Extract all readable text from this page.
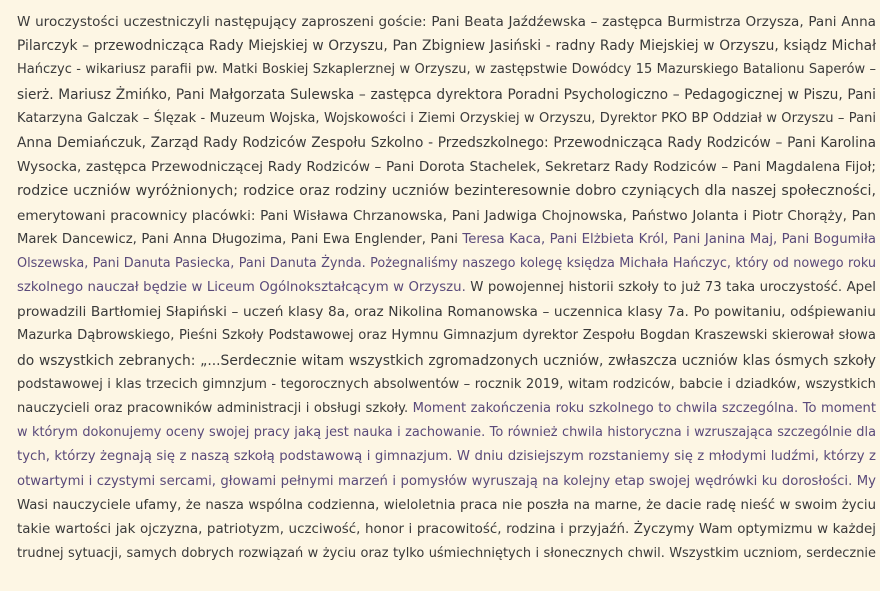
W uroczystości uczestniczyli następujący zaproszeni goście: Pani Beata Jaźdźewska – zastępca Burmistrza Orzysza, Pani Anna
Pilarczyk – przewodnicząca Rady Miejskiej w Orzyszu, Pan Zbigniew Jasiński - radny Rady Miejskiej w Orzyszu, ksiądz Michał
Hańczyc - wikariusz parafii pw. Matki Boskiej Szkaplerznej w Orzyszu, w zastępstwie Dowódcy 15 Mazurskiego Batalionu Saperów –
sierż. Mariusz Żmińko, Pani Małgorzata Sulewska – zastępca dyrektora Poradni Psychologiczno – Pedagogicznej w Piszu, Pani
Katarzyna Galczak – Ślęzak - Muzeum Wojska, Wojskowości i Ziemi Orzyskiej w Orzyszu, Dyrektor PKO BP Oddział w Orzyszu – Pani
Anna Demiańczuk, Zarząd Rady Rodziców Zespołu Szkolno - Przedszkolnego: Przewodnicząca Rady Rodziców – Pani Karolina
Wysocka, zastępca Przewodniczącej Rady Rodziców – Pani Dorota Stachelek, Sekretarz Rady Rodziców – Pani Magdalena Fijoł;
rodzice uczniów wyróżnionych; rodzice oraz rodziny uczniów bezinteresownie dobro czyniących dla naszej społeczności,
emerytowani pracownicy placówki: Pani Wisława Chrzanowska, Pani Jadwiga Chojnowska, Państwo Jolanta i Piotr Chorąży, Pan
Marek Dancewicz, Pani Anna Długozima, Pani Ewa Englender, Pani Teresa Kaca, Pani Elżbieta Król, Pani Janina Maj, Pani Bogumiła
Olszewska, Pani Danuta Pasiecka, Pani Danuta Żynda. Pożegnaliśmy naszego kolegę księdza Michała Hańczyc, który od nowego roku
szkolnego nauczał będzie w Liceum Ogólnokształcącym w Orzyszu. W powojennej historii szkoły to już 73 taka uroczystość. Apel
prowadzili Bartłomiej Słapiński – uczeń klasy 8a, oraz Nikolina Romanowska – uczennica klasy 7a. Po powitaniu, odśpiewaniu
Mazurka Dąbrowskiego, Pieśni Szkoły Podstawowej oraz Hymnu Gimnazjum dyrektor Zespołu Bogdan Kraszewski skierował słowa
do wszystkich zebranych: „...Serdecznie witam wszystkich zgromadzonych uczniów, zwłaszcza uczniów klas ósmych szkoły
podstawowej i klas trzecich gimnzjum - tegorocznych absolwentów – rocznik 2019, witam rodziców, babcie i dziadków, wszystkich
nauczycieli oraz pracowników administracji i obsługi szkoły. Moment zakończenia roku szkolnego to chwila szczególna. To moment
w którym dokonujemy oceny swojej pracy jaką jest nauka i zachowanie. To również chwila historyczna i wzruszająca szczególnie dla
tych, którzy żegnają się z naszą szkołą podstawową i gimnazjum. W dniu dzisiejszym rozstaniemy się z młodymi ludźmi, którzy z
otwartymi i czystymi sercami, głowami pełnymi marzeń i pomysłów wyruszają na kolejny etap swojej wędrówki ku dorosłości. My
Wasi nauczyciele ufamy, że nasza wspólna codzienna, wieloletnia praca nie poszła na marne, że dacie radę nieść w swoim życiu
takie wartości jak ojczyzna, patriotyzm, uczciwość, honor i pracowitość, rodzina i przyjaźń. Życzymy Wam optymizmu w każdej
trudnej sytuacji, samych dobrych rozwiązań w życiu oraz tylko uśmiechniętych i słonecznych chwil. Wszystkim uczniom, serdecznie
